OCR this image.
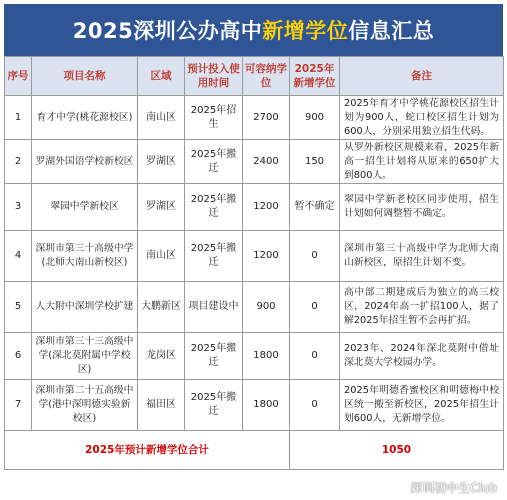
2025深圳公办高中 新增学位 信息汇总
序号	项目名称	区域	预计投入使用时间	可容纳学位	2025年新增学位	备注
1	育才中学(桃花源校区)	南山区	2025年招生	2700	900	2025年育才中学桃花源校区招生计划为900人，蛇口校区招生计划为600人，分别采用独立招生代码。
2	罗湖外国语学校新校区	罗湖区	2025年搬迁	2400	150	从罗外新校区规模来看，2025年新高一招生计划将从原来的650扩大到800人。
3	翠园中学新校区	罗湖区	2025年搬迁	1200	暂不确定	翠园中学新老校区同步使用，招生计划如何调整暂不确定。
4	深圳市第三十高级中学(北师大南山新校区)	南山区	2025年搬迁	1200	0	深圳市第三十高级中学为北师大南山新校区，原招生计划不变。
5	人大附中深圳学校扩建	大鹏新区	项目建设中	900	0	高中部二期建成后为独立的高三校区，2024年高一扩招100人，据了解2025年招生暂不会再扩招。
6	深圳市第三十三高级中学(深北莫附属中学校区)	龙岗区	2025年搬迁	1800	0	2023年、2024年深北莫附中借址深北莫大学校园办学。
7	深圳市第二十五高级中学(港中深明德实验新校区)	福田区	2025年搬迁	1800	0	2025年明德香蜜校区和明德梅中校区统一搬至新校区，2025年招生计划600人，无新增学位。
2025年预计新增学位合计					1050	
深圳初中生Club
